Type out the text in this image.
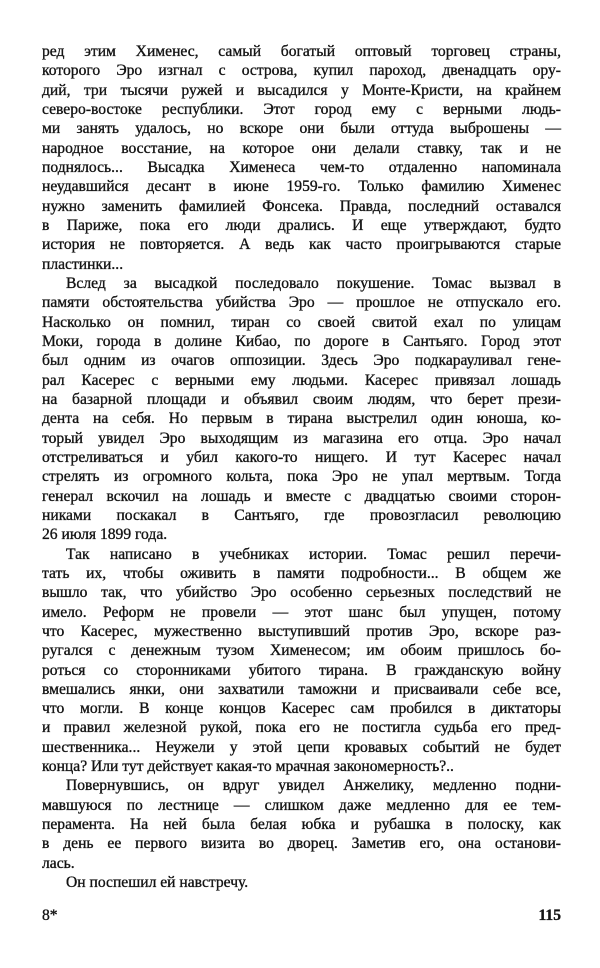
ред этим Хименес, самый богатый оптовый торговец страны,
которого Эро изгнал с острова, купил пароход, двенадцать ору-
дий, три тысячи ружей и высадился у Монте-Кристи, на крайнем
северо-востоке республики. Этот город ему с верными людь-
ми занять удалось, но вскоре они были оттуда выброшены —
народное восстание, на которое они делали ставку, так и не
поднялось... Высадка Хименеса чем-то отдаленно напоминала
неудавшийся десант в июне 1959-го. Только фамилию Хименес
нужно заменить фамилией Фонсека. Правда, последний оставался
в Париже, пока его люди дрались. И еще утверждают, будто
история не повторяется. А ведь как часто проигрываются старые
пластинки...
Вслед за высадкой последовало покушение. Томас вызвал в
памяти обстоятельства убийства Эро — прошлое не отпускало его.
Насколько он помнил, тиран со своей свитой ехал по улицам
Моки, города в долине Кибао, по дороге в Сантьяго. Город этот
был одним из очагов оппозиции. Здесь Эро подкарауливал гене-
рал Касерес с верными ему людьми. Касерес привязал лошадь
на базарной площади и объявил своим людям, что берет прези-
дента на себя. Но первым в тирана выстрелил один юноша, ко-
торый увидел Эро выходящим из магазина его отца. Эро начал
отстреливаться и убил какого-то нищего. И тут Касерес начал
стрелять из огромного кольта, пока Эро не упал мертвым. Тогда
генерал вскочил на лошадь и вместе с двадцатью своими сторон-
никами поскакал в Сантьяго, где провозгласил революцию
26 июля 1899 года.
Так написано в учебниках истории. Томас решил перечи-
тать их, чтобы оживить в памяти подробности... В общем же
вышло так, что убийство Эро особенно серьезных последствий не
имело. Реформ не провели — этот шанс был упущен, потому
что Касерес, мужественно выступивший против Эро, вскоре раз-
ругался с денежным тузом Хименесом; им обоим пришлось бо-
роться со сторонниками убитого тирана. В гражданскую войну
вмешались янки, они захватили таможни и присваивали себе все,
что могли. В конце концов Касерес сам пробился в диктаторы
и правил железной рукой, пока его не постигла судьба его пред-
шественника... Неужели у этой цепи кровавых событий не будет
конца? Или тут действует какая-то мрачная закономерность?..
Повернувшись, он вдруг увидел Анжелику, медленно подни-
мавшуюся по лестнице — слишком даже медленно для ее тем-
перамента. На ней была белая юбка и рубашка в полоску, как
в день ее первого визита во дворец. Заметив его, она останови-
лась.
Он поспешил ей навстречу.
8*	115
